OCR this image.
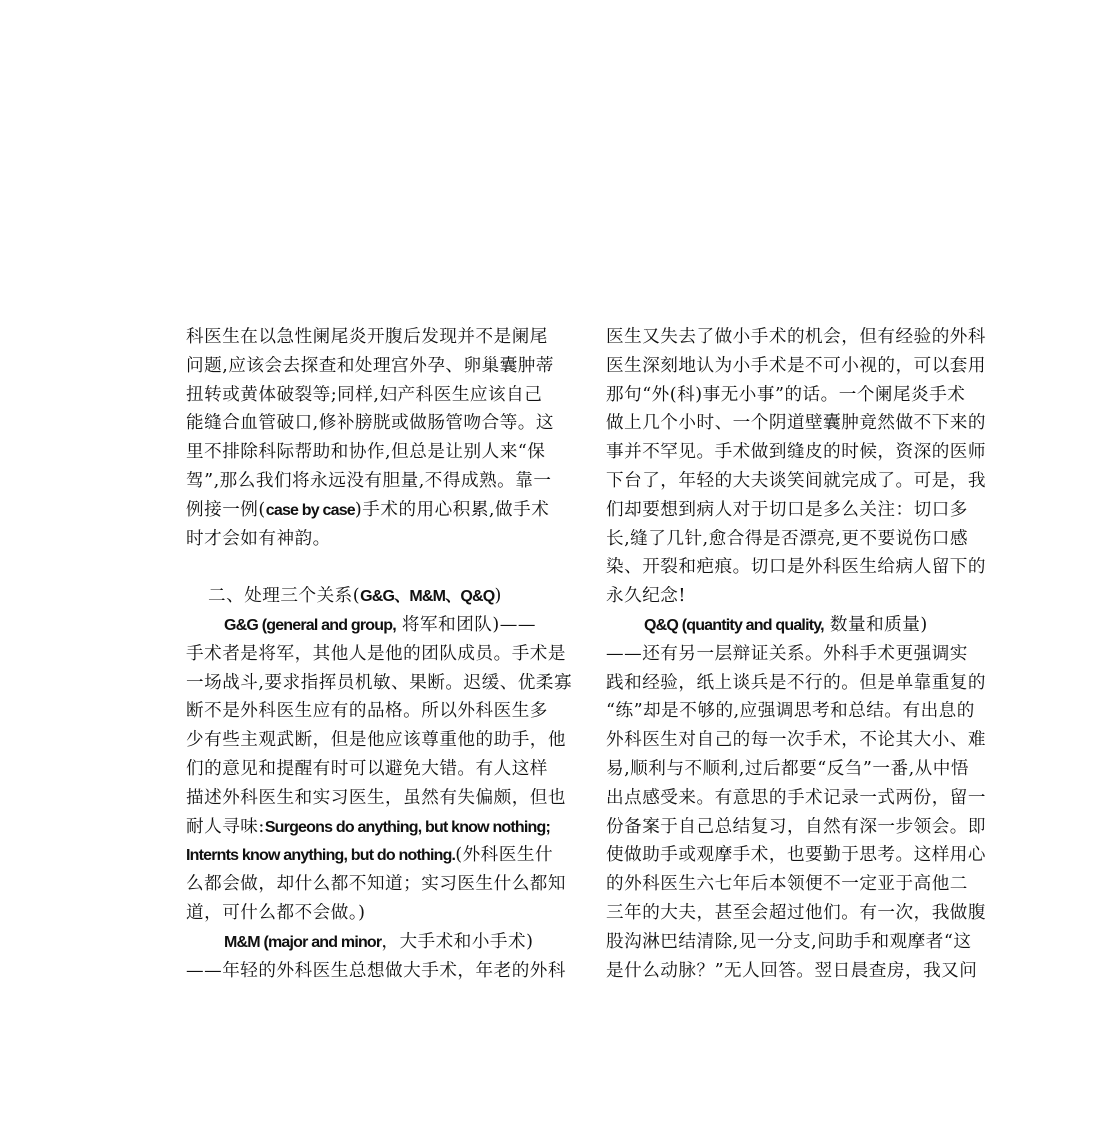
科医生在以急性阑尾炎开腹后发现并不是阑尾
问题,应该会去探查和处理宫外孕、卵巢囊肿蒂
扭转或黄体破裂等;同样,妇产科医生应该自己
能缝合血管破口,修补膀胱或做肠管吻合等。这
里不排除科际帮助和协作,但总是让别人来“保
驾”,那么我们将永远没有胆量,不得成熟。靠一
例接一例(case by case)手术的用心积累,做手术
时才会如有神韵。
二、处理三个关系(G&G、M&M、Q&Q)
G&G (general and group, 将军和团队)——
手术者是将军，其他人是他的团队成员。手术是
一场战斗,要求指挥员机敏、果断。迟缓、优柔寡
断不是外科医生应有的品格。所以外科医生多
少有些主观武断，但是他应该尊重他的助手，他
们的意见和提醒有时可以避免大错。有人这样
描述外科医生和实习医生，虽然有失偏颇，但也
耐人寻味:Surgeons do anything, but know nothing;
Internts know anything, but do nothing.(外科医生什
么都会做，却什么都不知道；实习医生什么都知
道，可什么都不会做。)
M&M (major and minor，大手术和小手术)
——年轻的外科医生总想做大手术，年老的外科
医生又失去了做小手术的机会，但有经验的外科
医生深刻地认为小手术是不可小视的，可以套用
那句“外(科)事无小事”的话。一个阑尾炎手术
做上几个小时、一个阴道壁囊肿竟然做不下来的
事并不罕见。手术做到缝皮的时候，资深的医师
下台了，年轻的大夫谈笑间就完成了。可是，我
们却要想到病人对于切口是多么关注：切口多
长,缝了几针,愈合得是否漂亮,更不要说伤口感
染、开裂和疤痕。切口是外科医生给病人留下的
永久纪念!
Q&Q (quantity and quality, 数量和质量)
——还有另一层辩证关系。外科手术更强调实
践和经验，纸上谈兵是不行的。但是单靠重复的
“练”却是不够的,应强调思考和总结。有出息的
外科医生对自己的每一次手术，不论其大小、难
易,顺利与不顺利,过后都要“反刍”一番,从中悟
出点感受来。有意思的手术记录一式两份，留一
份备案于自己总结复习，自然有深一步领会。即
使做助手或观摩手术，也要勤于思考。这样用心
的外科医生六七年后本领便不一定亚于高他二
三年的大夫，甚至会超过他们。有一次，我做腹
股沟淋巴结清除,见一分支,问助手和观摩者“这
是什么动脉？”无人回答。翌日晨查房，我又问
